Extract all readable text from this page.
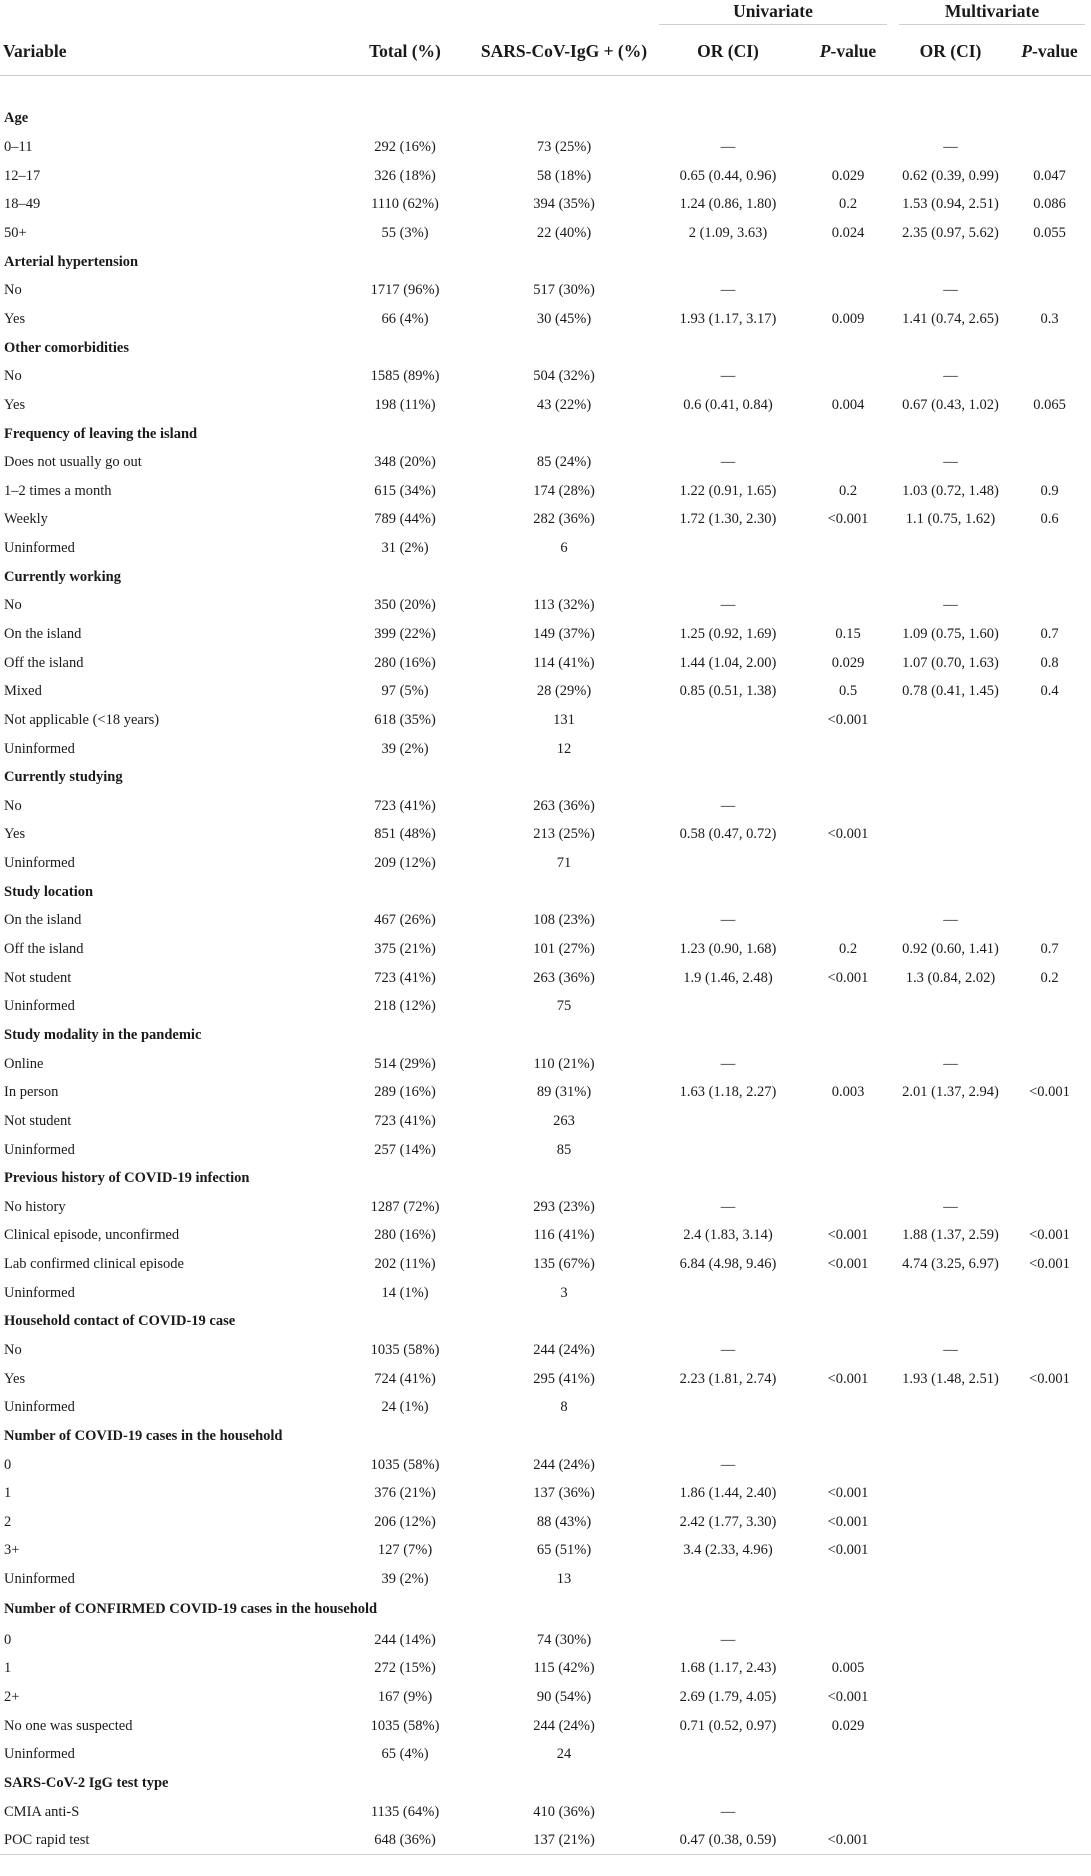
			Univariate		Multivariate	

Variable	Total (%)	SARS-CoV-IgG + (%)	OR (CI)	P-value	OR (CI)	P-value

Age						
0–11	292 (16%)	73 (25%)	—		—	
12–17	326 (18%)	58 (18%)	0.65 (0.44, 0.96)	0.029	0.62 (0.39, 0.99)	0.047
18–49	1110 (62%)	394 (35%)	1.24 (0.86, 1.80)	0.2	1.53 (0.94, 2.51)	0.086
50+	55 (3%)	22 (40%)	2 (1.09, 3.63)	0.024	2.35 (0.97, 5.62)	0.055
Arterial hypertension						
No	1717 (96%)	517 (30%)	—		—	
Yes	66 (4%)	30 (45%)	1.93 (1.17, 3.17)	0.009	1.41 (0.74, 2.65)	0.3
Other comorbidities						
No	1585 (89%)	504 (32%)	—		—	
Yes	198 (11%)	43 (22%)	0.6 (0.41, 0.84)	0.004	0.67 (0.43, 1.02)	0.065
Frequency of leaving the island						
Does not usually go out	348 (20%)	85 (24%)	—		—	
1–2 times a month	615 (34%)	174 (28%)	1.22 (0.91, 1.65)	0.2	1.03 (0.72, 1.48)	0.9
Weekly	789 (44%)	282 (36%)	1.72 (1.30, 2.30)	<0.001	1.1 (0.75, 1.62)	0.6
Uninformed	31 (2%)	6				
Currently working						
No	350 (20%)	113 (32%)	—		—	
On the island	399 (22%)	149 (37%)	1.25 (0.92, 1.69)	0.15	1.09 (0.75, 1.60)	0.7
Off the island	280 (16%)	114 (41%)	1.44 (1.04, 2.00)	0.029	1.07 (0.70, 1.63)	0.8
Mixed	97 (5%)	28 (29%)	0.85 (0.51, 1.38)	0.5	0.78 (0.41, 1.45)	0.4
Not applicable (<18 years)	618 (35%)	131		<0.001		
Uninformed	39 (2%)	12				
Currently studying						
No	723 (41%)	263 (36%)	—			
Yes	851 (48%)	213 (25%)	0.58 (0.47, 0.72)	<0.001		
Uninformed	209 (12%)	71				
Study location						
On the island	467 (26%)	108 (23%)	—		—	
Off the island	375 (21%)	101 (27%)	1.23 (0.90, 1.68)	0.2	0.92 (0.60, 1.41)	0.7
Not student	723 (41%)	263 (36%)	1.9 (1.46, 2.48)	<0.001	1.3 (0.84, 2.02)	0.2
Uninformed	218 (12%)	75				
Study modality in the pandemic						
Online	514 (29%)	110 (21%)	—		—	
In person	289 (16%)	89 (31%)	1.63 (1.18, 2.27)	0.003	2.01 (1.37, 2.94)	<0.001
Not student	723 (41%)	263				
Uninformed	257 (14%)	85				
Previous history of COVID-19 infection						
No history	1287 (72%)	293 (23%)	—		—	
Clinical episode, unconfirmed	280 (16%)	116 (41%)	2.4 (1.83, 3.14)	<0.001	1.88 (1.37, 2.59)	<0.001
Lab confirmed clinical episode	202 (11%)	135 (67%)	6.84 (4.98, 9.46)	<0.001	4.74 (3.25, 6.97)	<0.001
Uninformed	14 (1%)	3				
Household contact of COVID-19 case						
No	1035 (58%)	244 (24%)	—		—	
Yes	724 (41%)	295 (41%)	2.23 (1.81, 2.74)	<0.001	1.93 (1.48, 2.51)	<0.001
Uninformed	24 (1%)	8				
Number of COVID-19 cases in the household						
0	1035 (58%)	244 (24%)	—			
1	376 (21%)	137 (36%)	1.86 (1.44, 2.40)	<0.001		
2	206 (12%)	88 (43%)	2.42 (1.77, 3.30)	<0.001		
3+	127 (7%)	65 (51%)	3.4 (2.33, 4.96)	<0.001		
Uninformed	39 (2%)	13				
Number of CONFIRMED COVID-19 cases in the household						
0	244 (14%)	74 (30%)	—			
1	272 (15%)	115 (42%)	1.68 (1.17, 2.43)	0.005		
2+	167 (9%)	90 (54%)	2.69 (1.79, 4.05)	<0.001		
No one was suspected	1035 (58%)	244 (24%)	0.71 (0.52, 0.97)	0.029		
Uninformed	65 (4%)	24				
SARS-CoV-2 IgG test type						
CMIA anti-S	1135 (64%)	410 (36%)	—			
POC rapid test	648 (36%)	137 (21%)	0.47 (0.38, 0.59)	<0.001		
